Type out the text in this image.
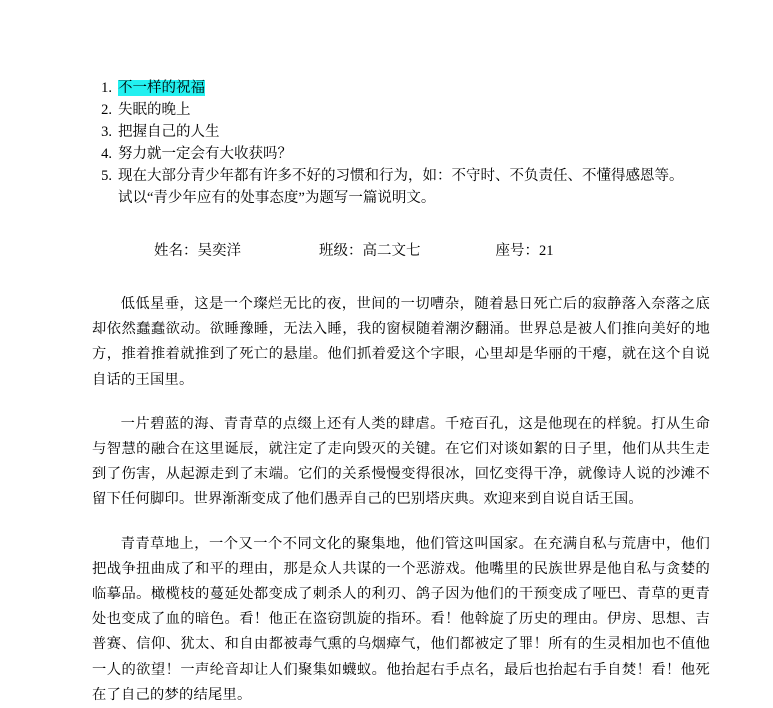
1. 不一样的祝福
2. 失眠的晚上
3. 把握自己的人生
4. 努力就一定会有大收获吗？
5. 现在大部分青少年都有许多不好的习惯和行为，如：不守时、不负责任、不懂得感恩等。
试以“青少年应有的处事态度”为题写一篇说明文。
姓名：吴奕洋	班级：高二文七	座号：21

低低星垂，这是一个璨烂无比的夜，世间的一切嘈杂，随着悬日死亡后的寂静落入奈落之底却依然蠢蠢欲动。欲睡豫睡，无法入睡，我的窗棂随着潮汐翻涌。世界总是被人们推向美好的地方，推着推着就推到了死亡的悬崖。他们抓着爱这个字眼，心里却是华丽的干瘪，就在这个自说自话的王国里。

一片碧蓝的海、青青草的点缀上还有人类的肆虐。千疮百孔，这是他现在的样貌。打从生命与智慧的融合在这里诞辰，就注定了走向毁灭的关键。在它们对谈如絮的日子里，他们从共生走到了伤害，从起源走到了末端。它们的关系慢慢变得很冰，回忆变得干净，就像诗人说的沙滩不留下任何脚印。世界渐渐变成了他们愚弄自己的巴别塔庆典。欢迎来到自说自话王国。

青青草地上，一个又一个不同文化的聚集地，他们管这叫国家。在充满自私与荒唐中，他们把战争扭曲成了和平的理由，那是众人共谋的一个恶游戏。他嘴里的民族世界是他自私与贪婪的临摹品。橄榄枝的蔓延处都变成了刺杀人的利刃、鸽子因为他们的干预变成了哑巴、青草的更青处也变成了血的暗色。看！他正在盗窃凯旋的指环。看！他斡旋了历史的理由。伊房、思想、吉普赛、信仰、犹太、和自由都被毒气熏的乌烟瘴气，他们都被定了罪！所有的生灵相加也不值他一人的欲望！一声纶音却让人们聚集如蠛蚁。他抬起右手点名，最后也抬起右手自焚！看！他死在了自己的梦的结尾里。
